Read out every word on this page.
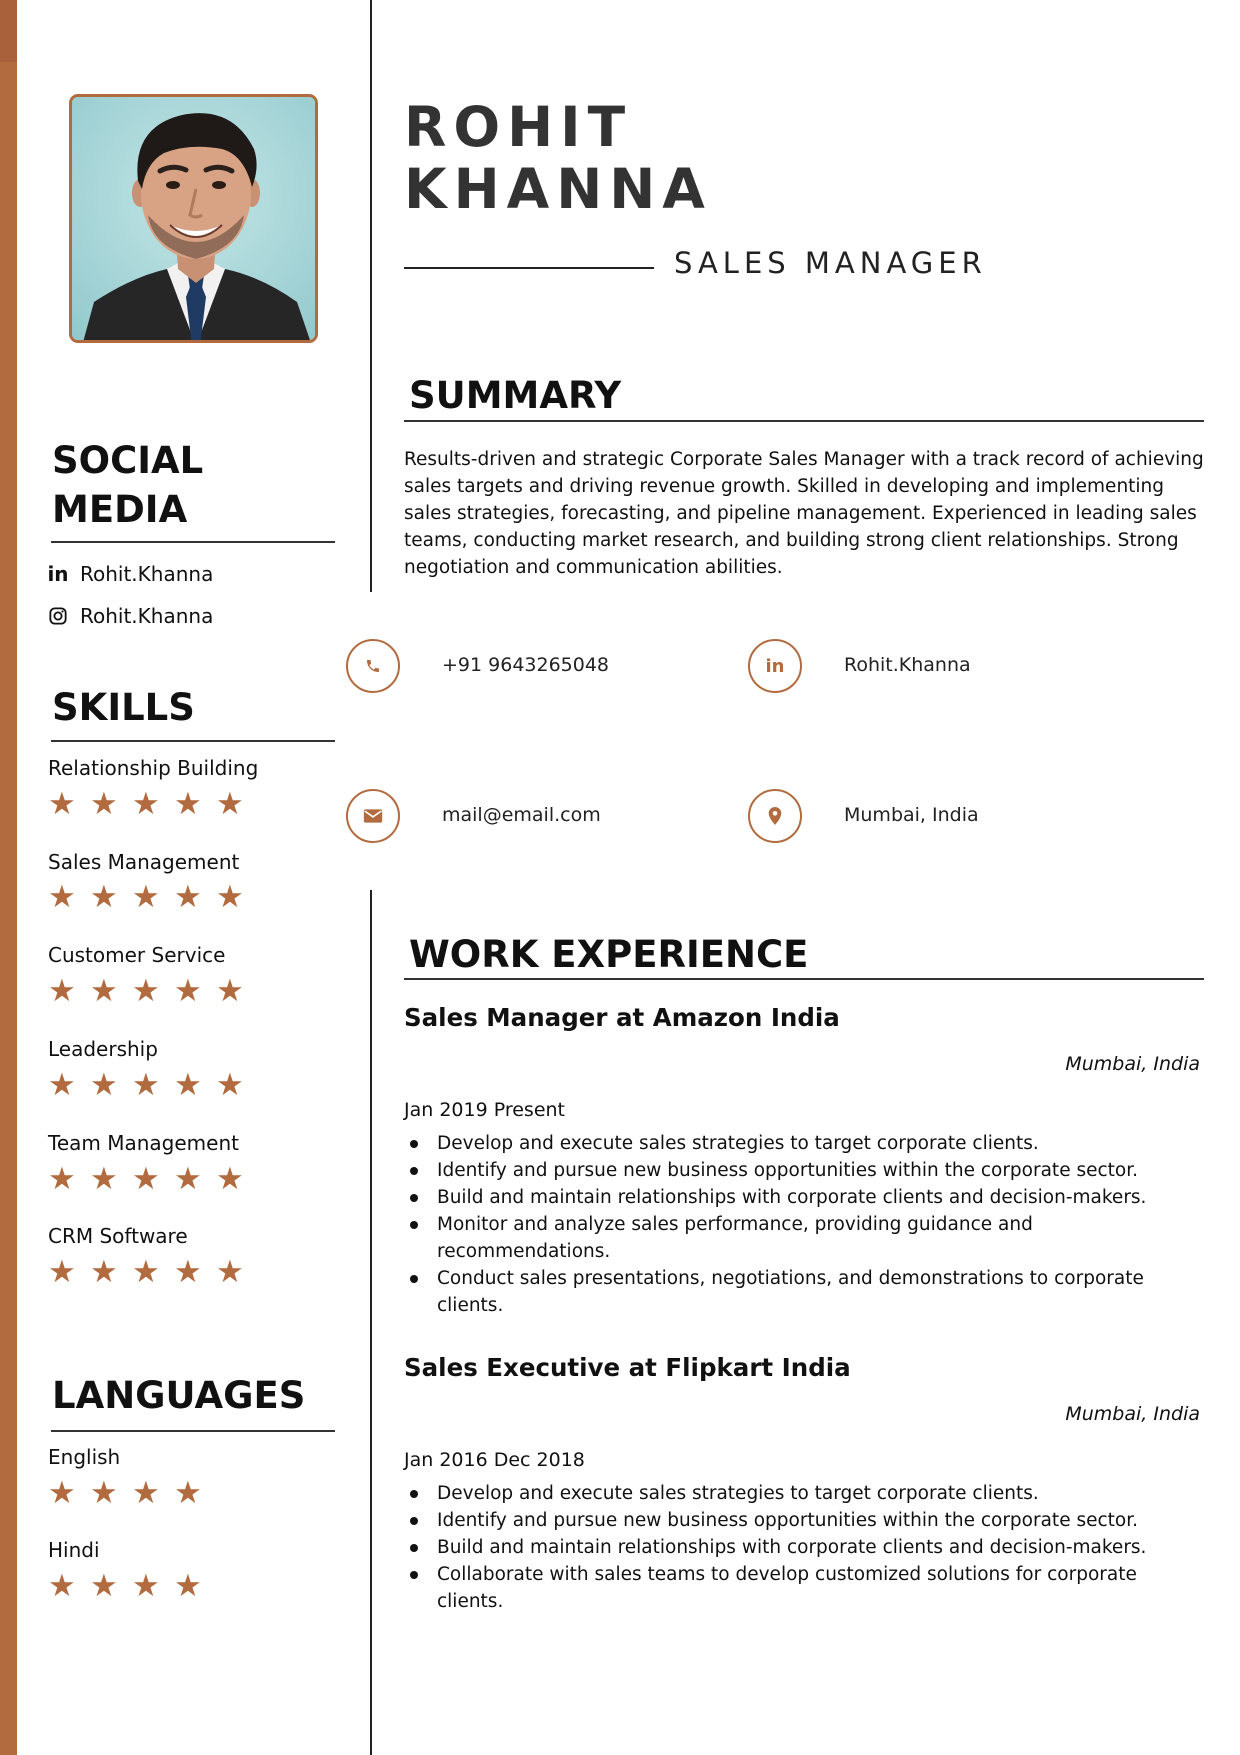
ROHIT
KHANNA
SALES MANAGER
SUMMARY
Results-driven and strategic Corporate Sales Manager with a track record of achieving sales targets and driving revenue growth. Skilled in developing and implementing sales strategies, forecasting, and pipeline management. Experienced in leading sales teams, conducting market research, and building strong client relationships. Strong negotiation and communication abilities.
+91 9643265048	in	Rohit.Khanna
mail@email.com	Mumbai, India
SOCIAL
MEDIA
in Rohit.Khanna
Rohit.Khanna
SKILLS
Relationship Building
★ ★ ★ ★ ★
Sales Management
★ ★ ★ ★ ★
Customer Service
★ ★ ★ ★ ★
Leadership
★ ★ ★ ★ ★
Team Management
★ ★ ★ ★ ★
CRM Software
★ ★ ★ ★ ★
LANGUAGES
English
★ ★ ★ ★
Hindi
★ ★ ★ ★
WORK EXPERIENCE
Sales Manager at Amazon India
Mumbai, India
Jan 2019 Present
Develop and execute sales strategies to target corporate clients.
Identify and pursue new business opportunities within the corporate sector.
Build and maintain relationships with corporate clients and decision-makers.
Monitor and analyze sales performance, providing guidance and recommendations.
Conduct sales presentations, negotiations, and demonstrations to corporate clients.
Sales Executive at Flipkart India
Mumbai, India
Jan 2016 Dec 2018
Develop and execute sales strategies to target corporate clients.
Identify and pursue new business opportunities within the corporate sector.
Build and maintain relationships with corporate clients and decision-makers.
Collaborate with sales teams to develop customized solutions for corporate clients.
